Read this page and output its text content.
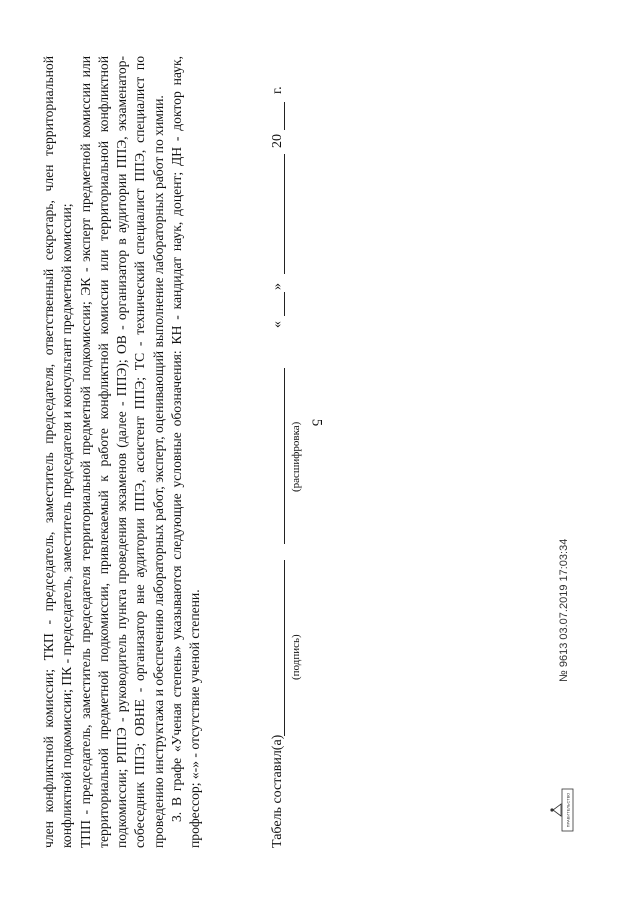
5

член конфликтной комиссии; ТКП - председатель, заместитель председателя, ответственный секретарь, член территориальной конфликтной подкомиссии; ПК - председатель, заместитель председателя и консультант предметной комиссии; ТПП - председатель, заместитель председателя территориальной предметной подкомиссии; ЭК - эксперт предметной комиссии или территориальной предметной подкомиссии, привлекаемый к работе конфликтной комиссии или территориальной конфликтной подкомиссии; РППЭ - руководитель пункта проведения экзаменов (далее - ППЭ); ОВ - организатор в аудитории ППЭ, экзаменатор-собеседник ППЭ; ОВНЕ - организатор вне аудитории ППЭ, ассистент ППЭ; ТС - технический специалист ППЭ, специалист по проведению инструктажа и обеспечению лабораторных работ, эксперт, оценивающий выполнение лабораторных работ по химии. 3. В графе «Ученая степень» указываются следующие условные обозначения: КН - кандидат наук, доцент; ДН - доктор наук, профессор; «-» - отсутствие ученой степени.	Табель составил(а)
(подпись)
(расшифровка)
«
»
20
г.
ПРАВИТЕЛЬСТВО
№ 9613 03.07.2019 17:03:34
